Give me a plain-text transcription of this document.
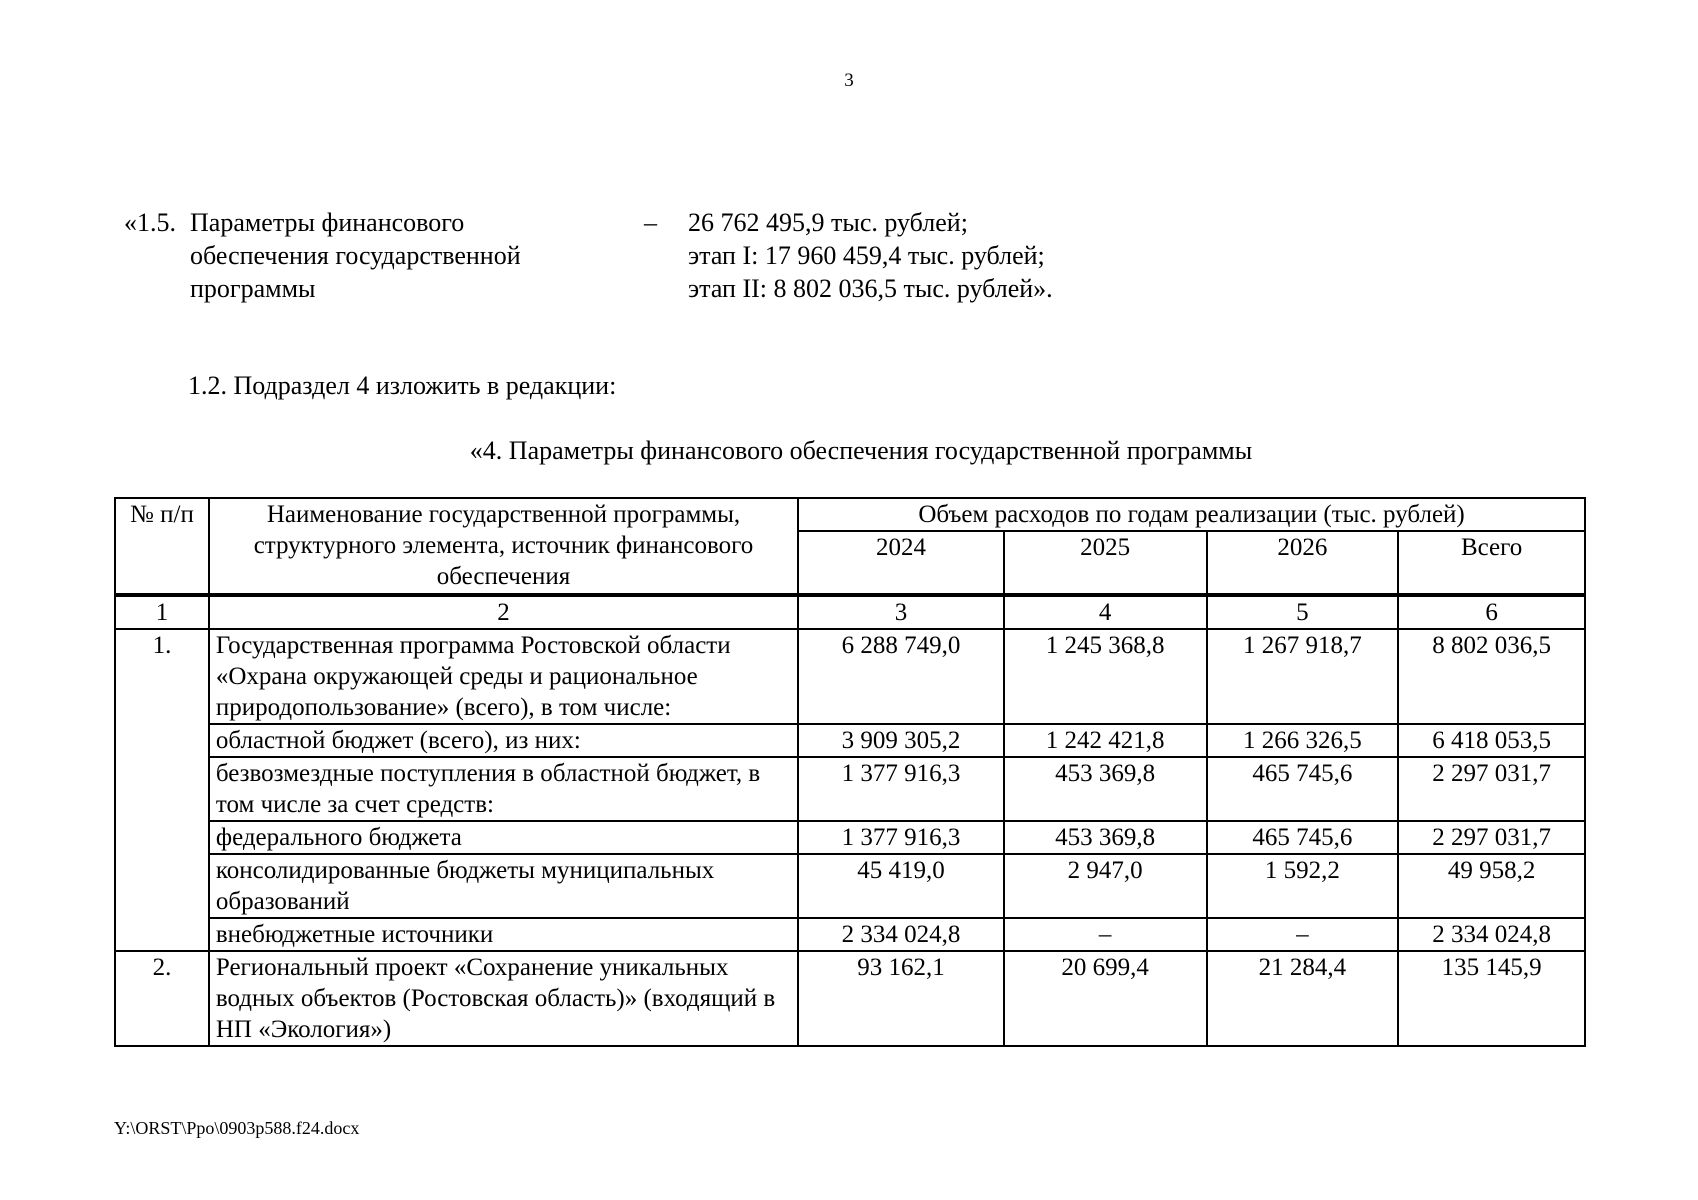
3
«1.5. Параметры финансового
обеспечения государственной
программы
– 26 762 495,9 тыс. рублей;
этап I: 17 960 459,4 тыс. рублей;
этап II: 8 802 036,5 тыс. рублей».
1.2. Подраздел 4 изложить в редакции:
«4. Параметры финансового обеспечения государственной программы
№ п/п	Наименование государственной программы, структурного элемента, источник финансового обеспечения	Объем расходов по годам реализации (тыс. рублей)			
		2024	2025	2026	Всего
1	2	3	4	5	6
1.	Государственная программа Ростовской области «Охрана окружающей среды и рациональное природопользование» (всего), в том числе:	6 288 749,0	1 245 368,8	1 267 918,7	8 802 036,5
	областной бюджет (всего), из них:	3 909 305,2	1 242 421,8	1 266 326,5	6 418 053,5
	безвозмездные поступления в областной бюджет, в том числе за счет средств:	1 377 916,3	453 369,8	465 745,6	2 297 031,7
	федерального бюджета	1 377 916,3	453 369,8	465 745,6	2 297 031,7
	консолидированные бюджеты муниципальных образований	45 419,0	2 947,0	1 592,2	49 958,2
	внебюджетные источники	2 334 024,8	–	–	2 334 024,8
2.	Региональный проект «Сохранение уникальных водных объектов (Ростовская область)» (входящий в НП «Экология»)	93 162,1	20 699,4	21 284,4	135 145,9
Y:\ORST\Ppo\0903p588.f24.docx
